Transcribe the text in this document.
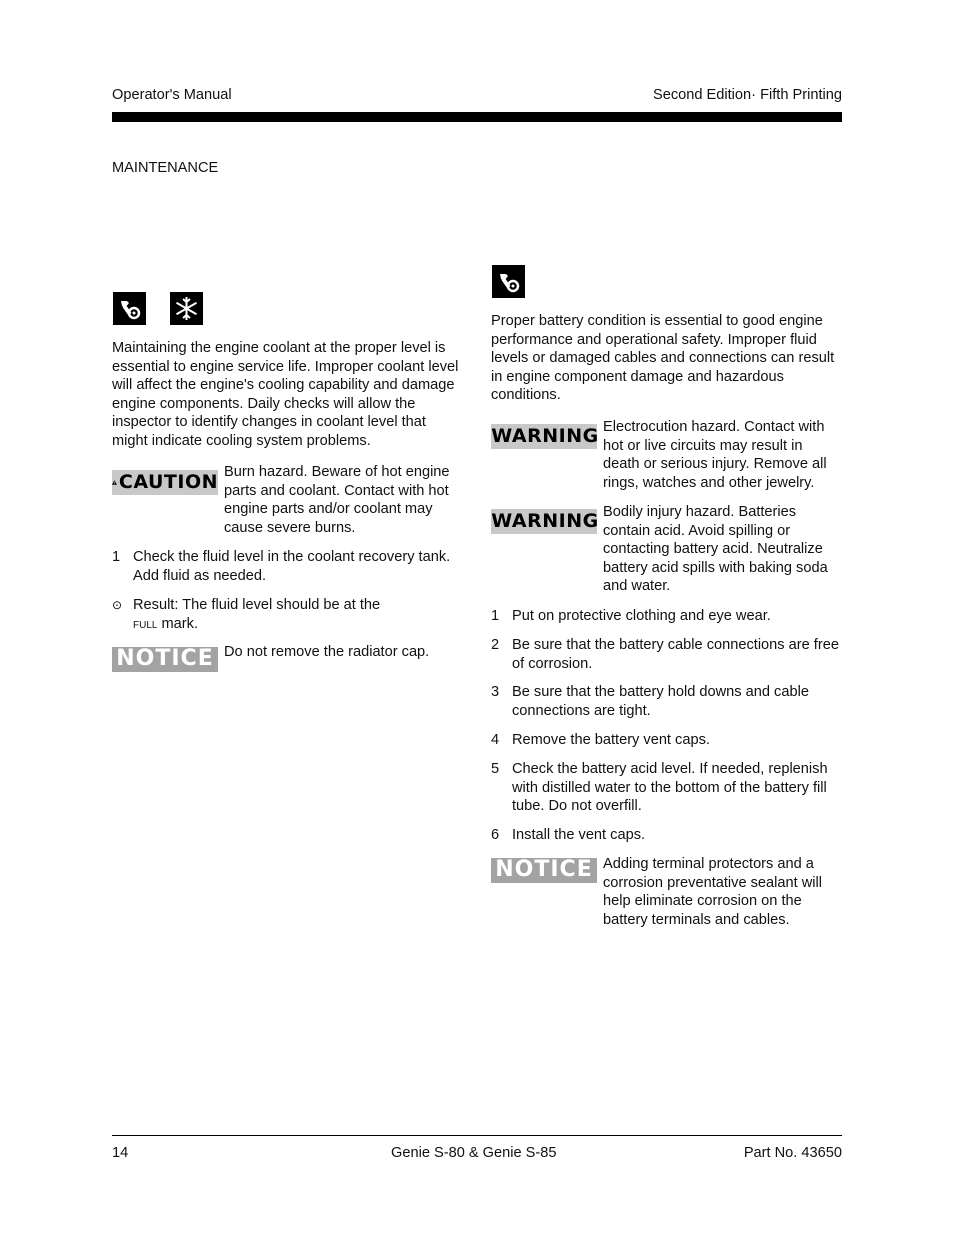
Operator's Manual	Second Edition· Fifth Printing
MAINTENANCE
Maintaining the engine coolant at the proper level is essential to engine service life. Improper coolant level will affect the engine's cooling capability and damage engine components. Daily checks will allow the inspector to identify changes in coolant level that might indicate cooling system problems.
CAUTION Burn hazard. Beware of hot engine parts and coolant. Contact with hot engine parts and/or coolant may cause severe burns.
1 Check the fluid level in the coolant recovery tank. Add fluid as needed.
⊙ Result: The fluid level should be at the
FULL mark.
NOTICE Do not remove the radiator cap.
Proper battery condition is essential to good engine performance and operational safety. Improper fluid levels or damaged cables and connections can result in engine component damage and hazardous conditions.
WARNING Electrocution hazard. Contact with hot or live circuits may result in death or serious injury. Remove all rings, watches and other jewelry.
WARNING Bodily injury hazard. Batteries contain acid. Avoid spilling or contacting battery acid. Neutralize battery acid spills with baking soda and water.
1 Put on protective clothing and eye wear.
2 Be sure that the battery cable connections are free of corrosion.
3 Be sure that the battery hold downs and cable connections are tight.
4 Remove the battery vent caps.
5 Check the battery acid level. If needed, replenish with distilled water to the bottom of the battery fill tube. Do not overfill.
6 Install the vent caps.
NOTICE Adding terminal protectors and a corrosion preventative sealant will help eliminate corrosion on the battery terminals and cables.
14	Genie S-80 & Genie S-85	Part No. 43650
